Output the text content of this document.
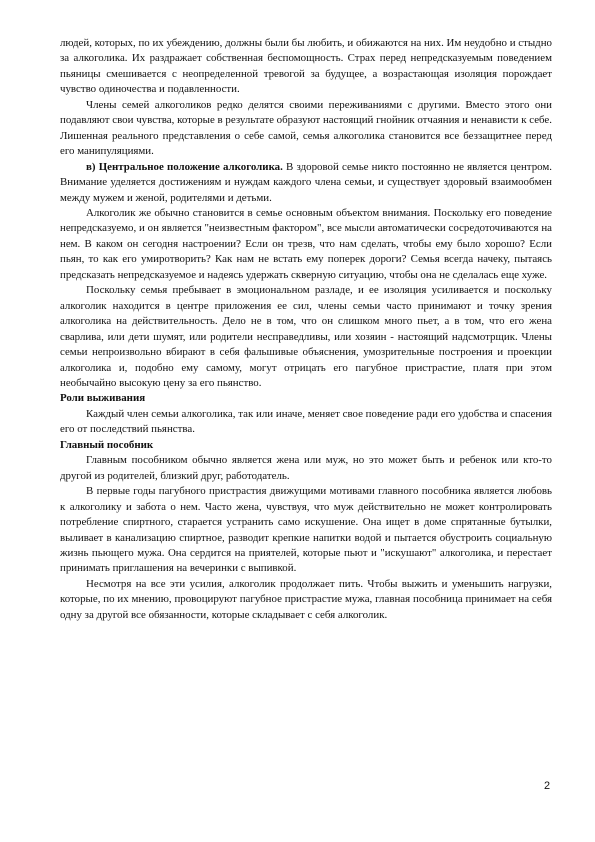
людей, которых, по их убеждению, должны были бы любить, и обижаются на них. Им неудобно и стыдно за алкоголика. Их раздражает собственная беспомощность. Страх перед непредсказуемым поведением пьяницы смешивается с неопределенной тревогой за будущее, а возрастающая изоляция порождает чувство одиночества и подавленности.

Члены семей алкоголиков редко делятся своими переживаниями с другими. Вместо этого они подавляют свои чувства, которые в результате образуют настоящий гнойник отчаяния и ненависти к себе. Лишенная реального представления о себе самой, семья алкоголика становится все беззащитнее перед его манипуляциями.

в) Центральное положение алкоголика. В здоровой семье никто постоянно не является центром. Внимание уделяется достижениям и нуждам каждого члена семьи, и существует здоровый взаимообмен между мужем и женой, родителями и детьми.

Алкоголик же обычно становится в семье основным объектом внимания. Поскольку его поведение непредсказуемо, и он является "неизвестным фактором", все мысли автоматически сосредоточиваются на нем. В каком он сегодня настроении? Если он трезв, что нам сделать, чтобы ему было хорошо? Если пьян, то как его умиротворить? Как нам не встать ему поперек дороги? Семья всегда начеку, пытаясь предсказать непредсказуемое и надеясь удержать скверную ситуацию, чтобы она не сделалась еще хуже.

Поскольку семья пребывает в эмоциональном разладе, и ее изоляция усиливается и поскольку алкоголик находится в центре приложения ее сил, члены семьи часто принимают и точку зрения алкоголика на действительность. Дело не в том, что он слишком много пьет, а в том, что его жена сварлива, или дети шумят, или родители несправедливы, или хозяин - настоящий надсмотрщик. Члены семьи непроизвольно вбирают в себя фальшивые объяснения, умозрительные построения и проекции алкоголика и, подобно ему самому, могут отрицать его пагубное пристрастие, платя при этом необычайно высокую цену за его пьянство.

Роли выживания

Каждый член семьи алкоголика, так или иначе, меняет свое поведение ради его удобства и спасения его от последствий пьянства.

Главный пособник

Главным пособником обычно является жена или муж, но это может быть и ребенок или кто-то другой из родителей, близкий друг, работодатель.

В первые годы пагубного пристрастия движущими мотивами главного пособника является любовь к алкоголику и забота о нем. Часто жена, чувствуя, что муж действительно не может контролировать потребление спиртного, старается устранить само искушение. Она ищет в доме спрятанные бутылки, выливает в канализацию спиртное, разводит крепкие напитки водой и пытается обустроить социальную жизнь пьющего мужа. Она сердится на приятелей, которые пьют и "искушают" алкоголика, и перестает принимать приглашения на вечеринки с выпивкой.

Несмотря на все эти усилия, алкоголик продолжает пить. Чтобы выжить и уменьшить нагрузки, которые, по их мнению, провоцируют пагубное пристрастие мужа, главная пособница принимает на себя одну за другой все обязанности, которые складывает с себя алкоголик.

2
